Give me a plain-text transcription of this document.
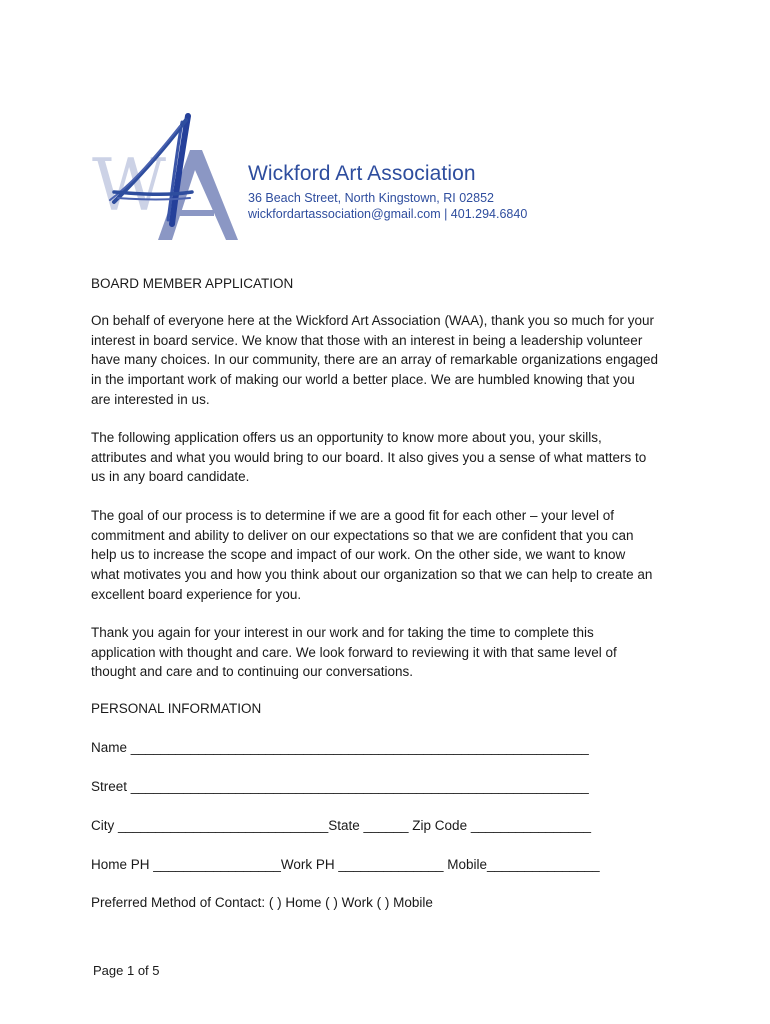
W	Wickford Art Association
36 Beach Street, North Kingstown, RI 02852
wickfordartassociation@gmail.com | 401.294.6840
BOARD MEMBER APPLICATION
On behalf of everyone here at the Wickford Art Association (WAA), thank you so much for your
interest in board service. We know that those with an interest in being a leadership volunteer
have many choices. In our community, there are an array of remarkable organizations engaged
in the important work of making our world a better place. We are humbled knowing that you
are interested in us.
The following application offers us an opportunity to know more about you, your skills,
attributes and what you would bring to our board. It also gives you a sense of what matters to
us in any board candidate.
The goal of our process is to determine if we are a good fit for each other – your level of
commitment and ability to deliver on our expectations so that we are confident that you can
help us to increase the scope and impact of our work. On the other side, we want to know
what motivates you and how you think about our organization so that we can help to create an
excellent board experience for you.
Thank you again for your interest in our work and for taking the time to complete this
application with thought and care. We look forward to reviewing it with that same level of
thought and care and to continuing our conversations.
PERSONAL INFORMATION
Name _____________________________________________________________
Street _____________________________________________________________
City ____________________________State ______ Zip Code ________________
Home PH _________________Work PH ______________ Mobile_______________
Preferred Method of Contact: ( ) Home ( ) Work ( ) Mobile
Page 1 of 5
